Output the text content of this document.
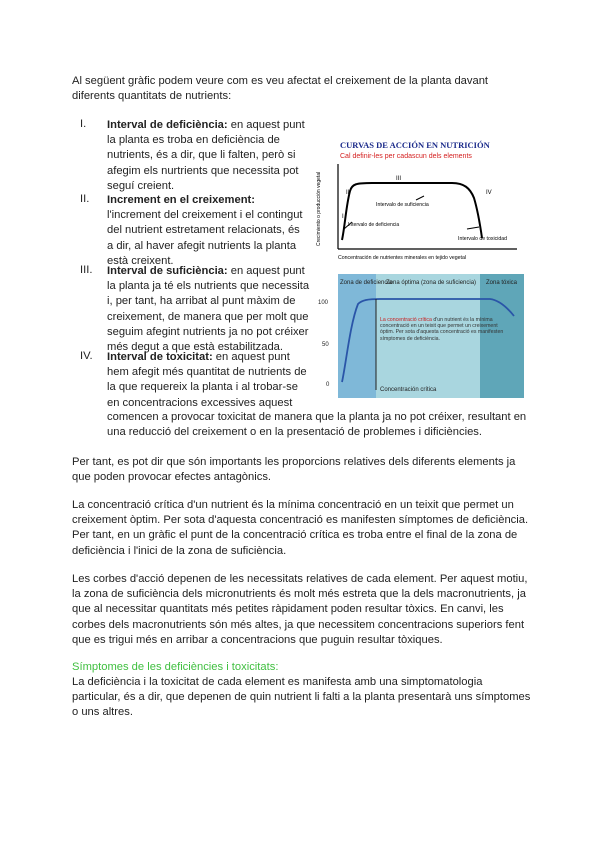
Al següent gràfic podem veure com es veu afectat el creixement de la planta davant diferents quantitats de nutrients:
I. Interval de deficiència: en aquest punt la planta es troba en deficiència de nutrients, és a dir, que li falten, però si afegim els nurtrients que necessita pot seguí creient.
II. Increment en el creixement: l'increment del creixement i el contingut del nutrient estretament relacionats, és a dir, al haver afegit nutrients la planta està creixent.
III. Interval de suficiència: en aquest punt la planta ja té els nutrients que necessita i, per tant, ha arribat al punt màxim de creixement, de manera que per molt que seguim afegint nutrients ja no pot créixer més degut a que està estabilitzada.
IV. Interval de toxicitat: en aquest punt hem afegit més quantitat de nutrients de la que requereix la planta i al trobar-se en concentracions excessives aquest
comencen a provocar toxicitat de manera que la planta ja no pot créixer, resultant en una reducció del creixement o en la presentació de problemes i dificiències.
Per tant, es pot dir que són importants les proporcions relatives dels diferents elements ja que poden provocar efectes antagònics.
La concentració crítica d'un nutrient és la mínima concentració en un teixit que permet un creixement òptim. Per sota d'aquesta concentració es manifesten símptomes de deficiència. Per tant, en un gràfic el punt de la concentració crítica es troba entre el final de la zona de deficiència i l'inici de la zona de suficiència.
Les corbes d'acció depenen de les necessitats relatives de cada element. Per aquest motiu, la zona de suficiència dels micronutrients és molt més estreta que la dels macronutrients, ja que al necessitar quantitats més petites ràpidament poden resultar tòxics. En canvi, les corbes dels macronutrients són més altes, ja que necessitem concentracions superiors fent que es trigui més en arribar a concentracions que puguin resultar tòxiques.
Símptomes de les deficiències i toxicitats:
La deficiència i la toxicitat de cada element es manifesta amb una simptomatologia particular, és a dir, que depenen de quin nutrient li falti a la planta presentarà uns símptomes o uns altres.
CURVAS DE ACCIÓN EN NUTRICIÓN
Cal definir-les per cadascun dels elements
Crecimiento o producción vegetal
Concentración de nutrientes minerales en tejido vegetal
I
II
III
IV
Intervalo de deficiencia
Intervalo de suficiencia
Intervalo de toxicidad
Zona de deficiencia
Zona óptima (zona de suficiencia) Zona tóxica
100
50
0
Concentración crítica
La concentració crítica d'un nutrient és la mínima concentració en un teixit que permet un creixement òptim. Per sota d'aquesta concentració es manifesten símptomes de deficiència.
